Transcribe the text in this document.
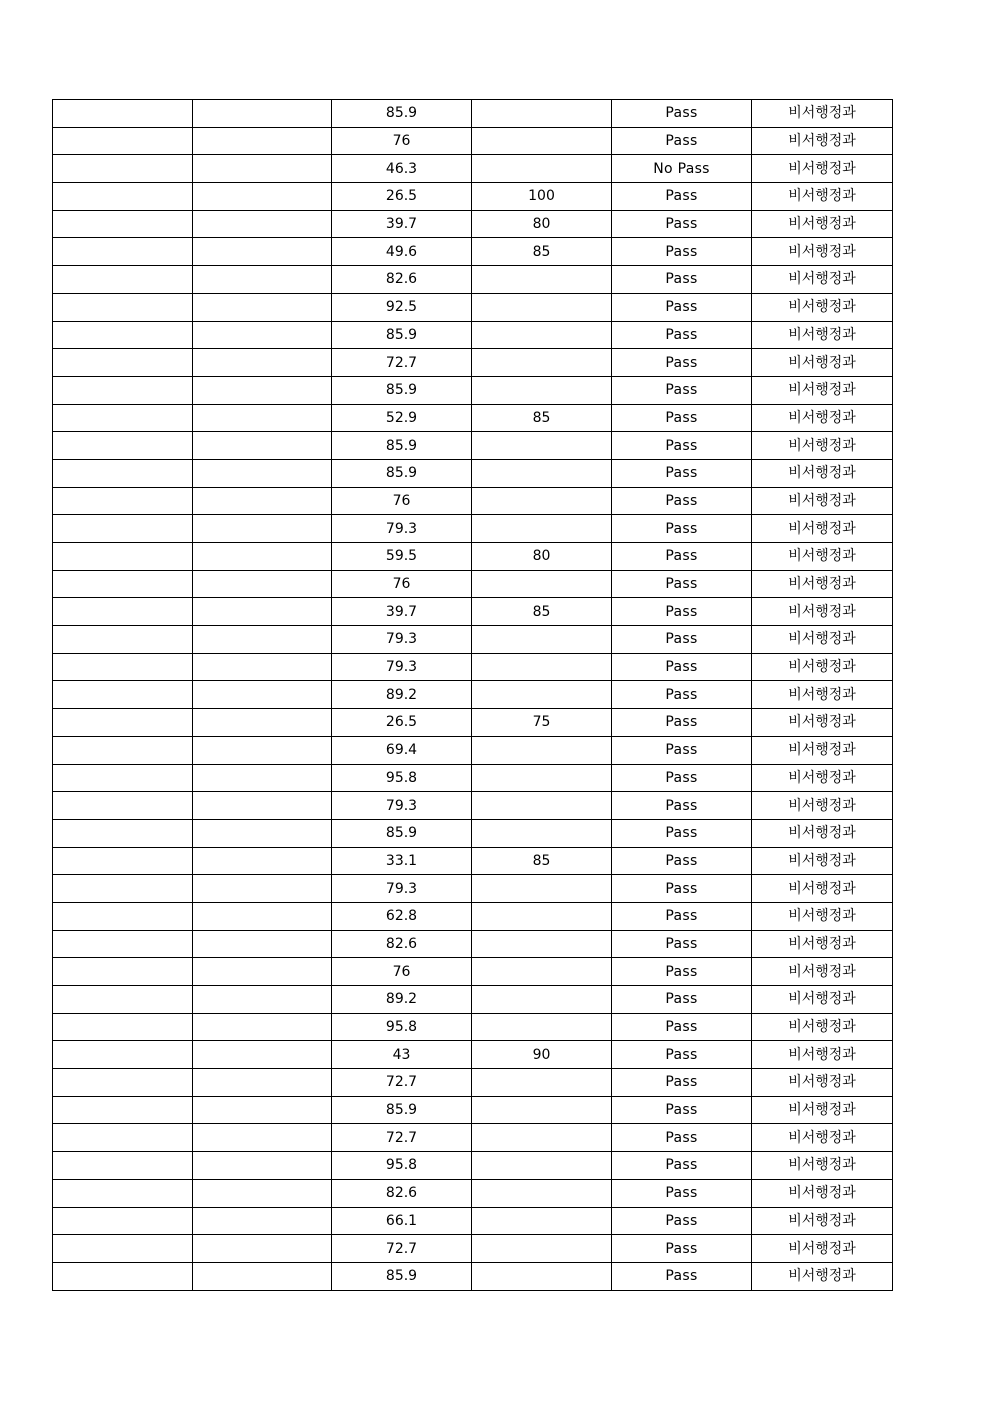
		85.9		Pass	비서행정과
		76		Pass	비서행정과
		46.3		No Pass	비서행정과
		26.5	100	Pass	비서행정과
		39.7	80	Pass	비서행정과
		49.6	85	Pass	비서행정과
		82.6		Pass	비서행정과
		92.5		Pass	비서행정과
		85.9		Pass	비서행정과
		72.7		Pass	비서행정과
		85.9		Pass	비서행정과
		52.9	85	Pass	비서행정과
		85.9		Pass	비서행정과
		85.9		Pass	비서행정과
		76		Pass	비서행정과
		79.3		Pass	비서행정과
		59.5	80	Pass	비서행정과
		76		Pass	비서행정과
		39.7	85	Pass	비서행정과
		79.3		Pass	비서행정과
		79.3		Pass	비서행정과
		89.2		Pass	비서행정과
		26.5	75	Pass	비서행정과
		69.4		Pass	비서행정과
		95.8		Pass	비서행정과
		79.3		Pass	비서행정과
		85.9		Pass	비서행정과
		33.1	85	Pass	비서행정과
		79.3		Pass	비서행정과
		62.8		Pass	비서행정과
		82.6		Pass	비서행정과
		76		Pass	비서행정과
		89.2		Pass	비서행정과
		95.8		Pass	비서행정과
		43	90	Pass	비서행정과
		72.7		Pass	비서행정과
		85.9		Pass	비서행정과
		72.7		Pass	비서행정과
		95.8		Pass	비서행정과
		82.6		Pass	비서행정과
		66.1		Pass	비서행정과
		72.7		Pass	비서행정과
		85.9		Pass	비서행정과
